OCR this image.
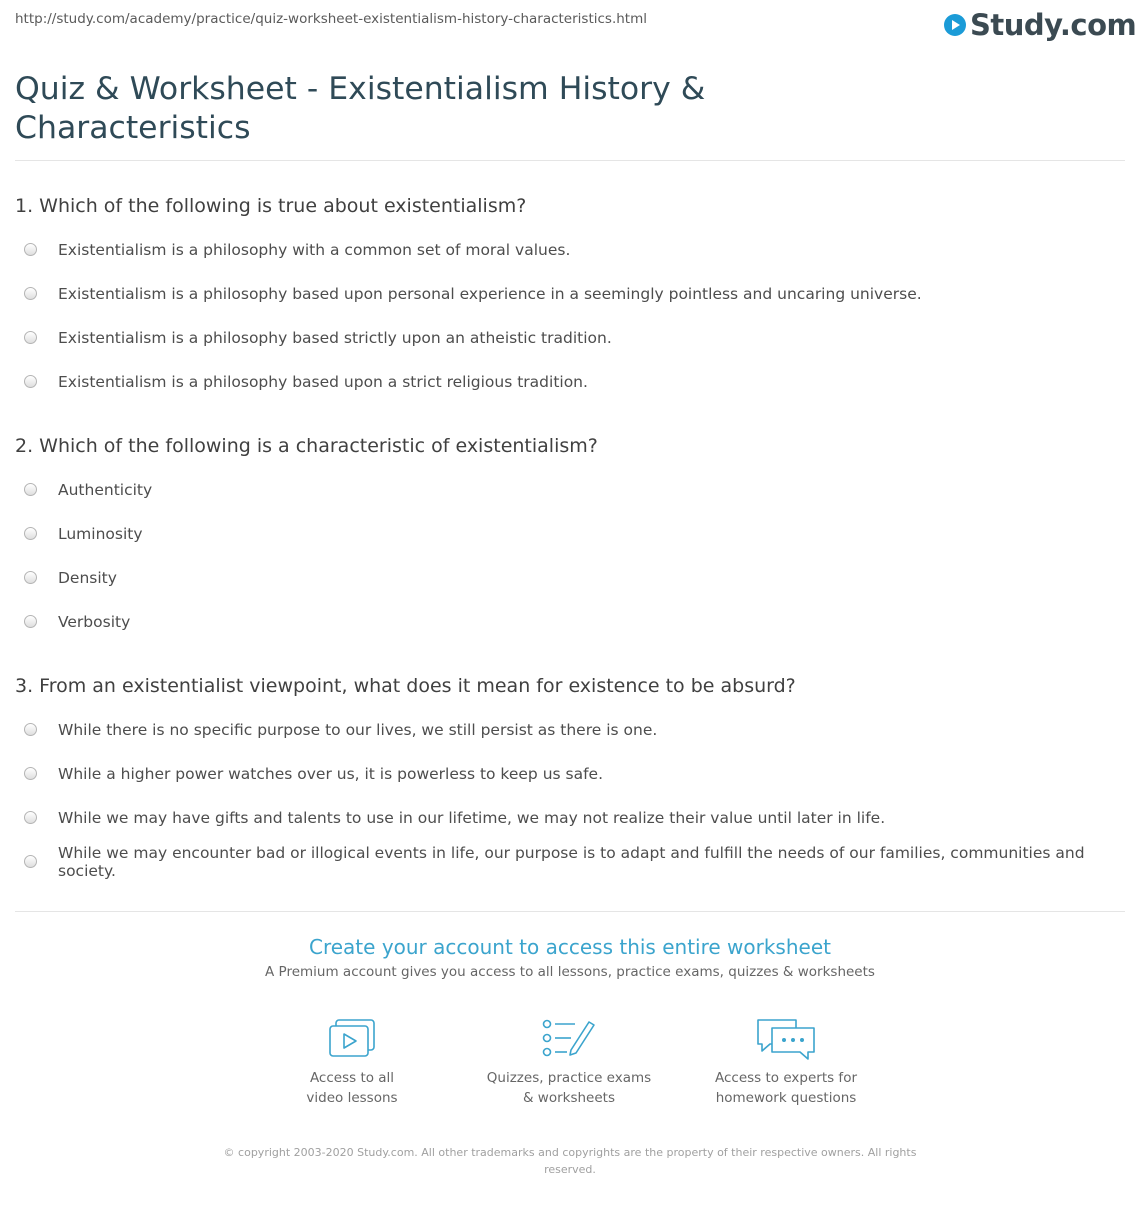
http://study.com/academy/practice/quiz-worksheet-existentialism-history-characteristics.html	Study.com
Quiz & Worksheet - Existentialism History & Characteristics
1. Which of the following is true about existentialism?
Existentialism is a philosophy with a common set of moral values.
Existentialism is a philosophy based upon personal experience in a seemingly pointless and uncaring universe.
Existentialism is a philosophy based strictly upon an atheistic tradition.
Existentialism is a philosophy based upon a strict religious tradition.
2. Which of the following is a characteristic of existentialism?
Authenticity
Luminosity
Density
Verbosity
3. From an existentialist viewpoint, what does it mean for existence to be absurd?
While there is no specific purpose to our lives, we still persist as there is one.
While a higher power watches over us, it is powerless to keep us safe.
While we may have gifts and talents to use in our lifetime, we may not realize their value until later in life.
While we may encounter bad or illogical events in life, our purpose is to adapt and fulfill the needs of our families, communities and society.
Create your account to access this entire worksheet
A Premium account gives you access to all lessons, practice exams, quizzes & worksheets
Access to all
video lessons
Quizzes, practice exams
& worksheets
Access to experts for
homework questions
© copyright 2003-2020 Study.com. All other trademarks and copyrights are the property of their respective owners. All rights reserved.
